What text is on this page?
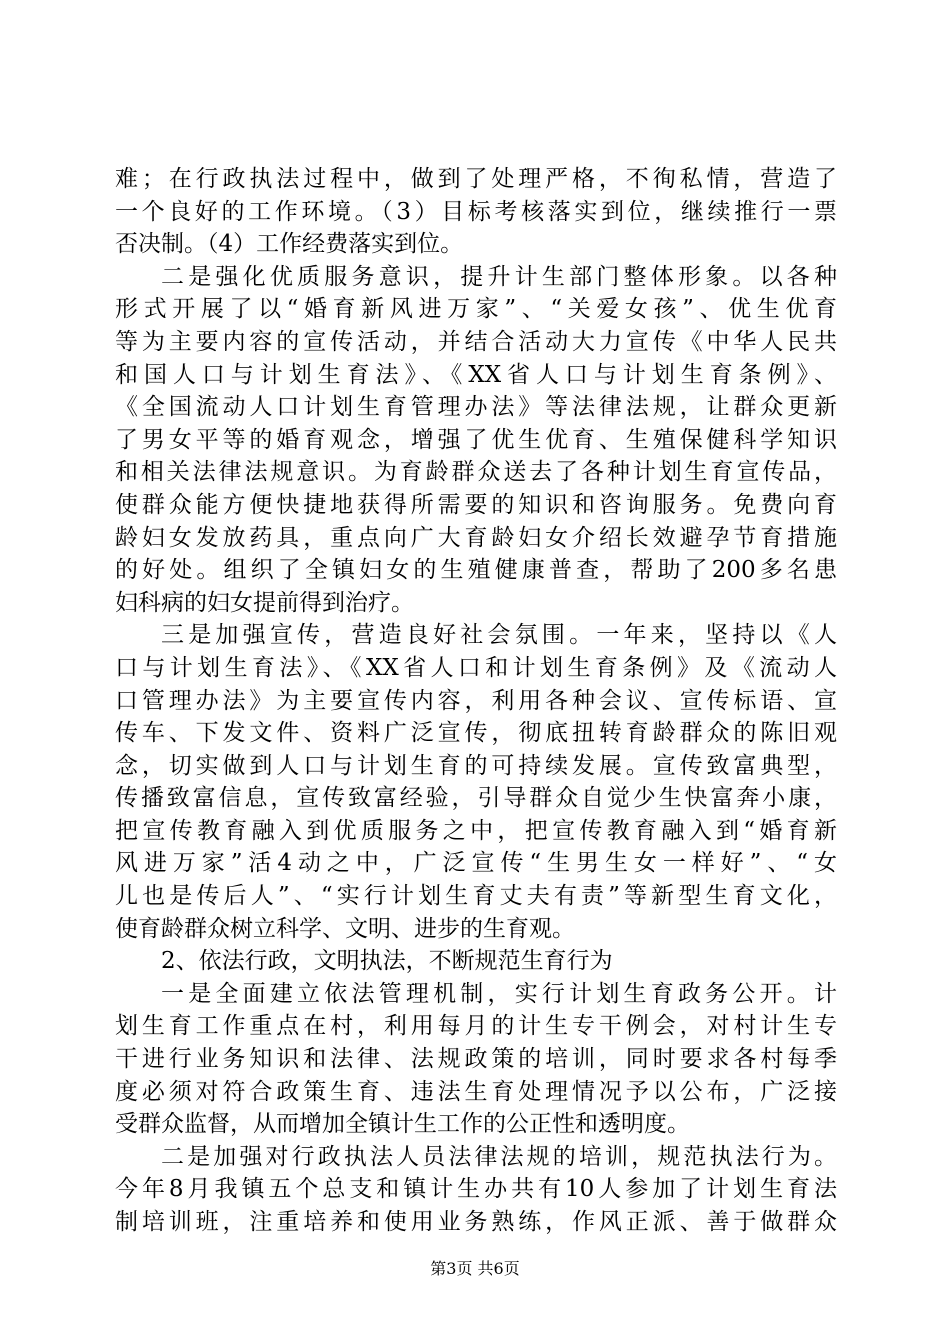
难；在行政执法过程中，做到了处理严格，不徇私情，营造了
一个良好的工作环境。（3）目标考核落实到位，继续推行一票
否决制。（4）工作经费落实到位。
二是强化优质服务意识，提升计生部门整体形象。以各种
形式开展了以“婚育新风进万家”、“关爱女孩”、优生优育
等为主要内容的宣传活动，并结合活动大力宣传《中华人民共
和国人口与计划生育法》、《XX省人口与计划生育条例》、
《全国流动人口计划生育管理办法》等法律法规，让群众更新
了男女平等的婚育观念，增强了优生优育、生殖保健科学知识
和相关法律法规意识。为育龄群众送去了各种计划生育宣传品，
使群众能方便快捷地获得所需要的知识和咨询服务。免费向育
龄妇女发放药具，重点向广大育龄妇女介绍长效避孕节育措施
的好处。组织了全镇妇女的生殖健康普查，帮助了200多名患
妇科病的妇女提前得到治疗。
三是加强宣传，营造良好社会氛围。一年来，坚持以《人
口与计划生育法》、《XX省人口和计划生育条例》及《流动人
口管理办法》为主要宣传内容，利用各种会议、宣传标语、宣
传车、下发文件、资料广泛宣传，彻底扭转育龄群众的陈旧观
念，切实做到人口与计划生育的可持续发展。宣传致富典型，
传播致富信息，宣传致富经验，引导群众自觉少生快富奔小康，
把宣传教育融入到优质服务之中，把宣传教育融入到“婚育新
风进万家”活4动之中，广泛宣传“生男生女一样好”、“女
儿也是传后人”、“实行计划生育丈夫有责”等新型生育文化，
使育龄群众树立科学、文明、进步的生育观。
2、依法行政，文明执法，不断规范生育行为
一是全面建立依法管理机制，实行计划生育政务公开。计
划生育工作重点在村，利用每月的计生专干例会，对村计生专
干进行业务知识和法律、法规政策的培训，同时要求各村每季
度必须对符合政策生育、违法生育处理情况予以公布，广泛接
受群众监督，从而增加全镇计生工作的公正性和透明度。
二是加强对行政执法人员法律法规的培训，规范执法行为。
今年8月我镇五个总支和镇计生办共有10人参加了计划生育法
制培训班，注重培养和使用业务熟练，作风正派、善于做群众
第3页 共6页
